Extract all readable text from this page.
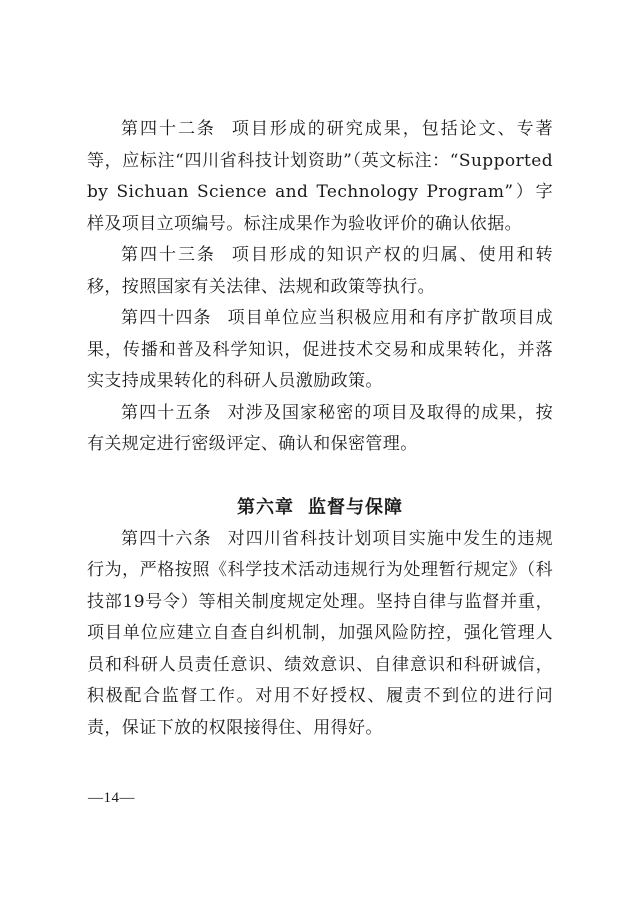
第四十二条 项目形成的研究成果，包括论文、专著等，应标注“四川省科技计划资助”（英文标注：“Supported by Sichuan Science and Technology Program”）字样及项目立项编号。标注成果作为验收评价的确认依据。

第四十三条 项目形成的知识产权的归属、使用和转移，按照国家有关法律、法规和政策等执行。

第四十四条 项目单位应当积极应用和有序扩散项目成果，传播和普及科学知识，促进技术交易和成果转化，并落实支持成果转化的科研人员激励政策。

第四十五条 对涉及国家秘密的项目及取得的成果，按有关规定进行密级评定、确认和保密管理。

第六章 监督与保障

第四十六条 对四川省科技计划项目实施中发生的违规行为，严格按照《科学技术活动违规行为处理暂行规定》（科技部19号令）等相关制度规定处理。坚持自律与监督并重，项目单位应建立自查自纠机制，加强风险防控，强化管理人员和科研人员责任意识、绩效意识、自律意识和科研诚信，积极配合监督工作。对用不好授权、履责不到位的进行问责，保证下放的权限接得住、用得好。

—14—
